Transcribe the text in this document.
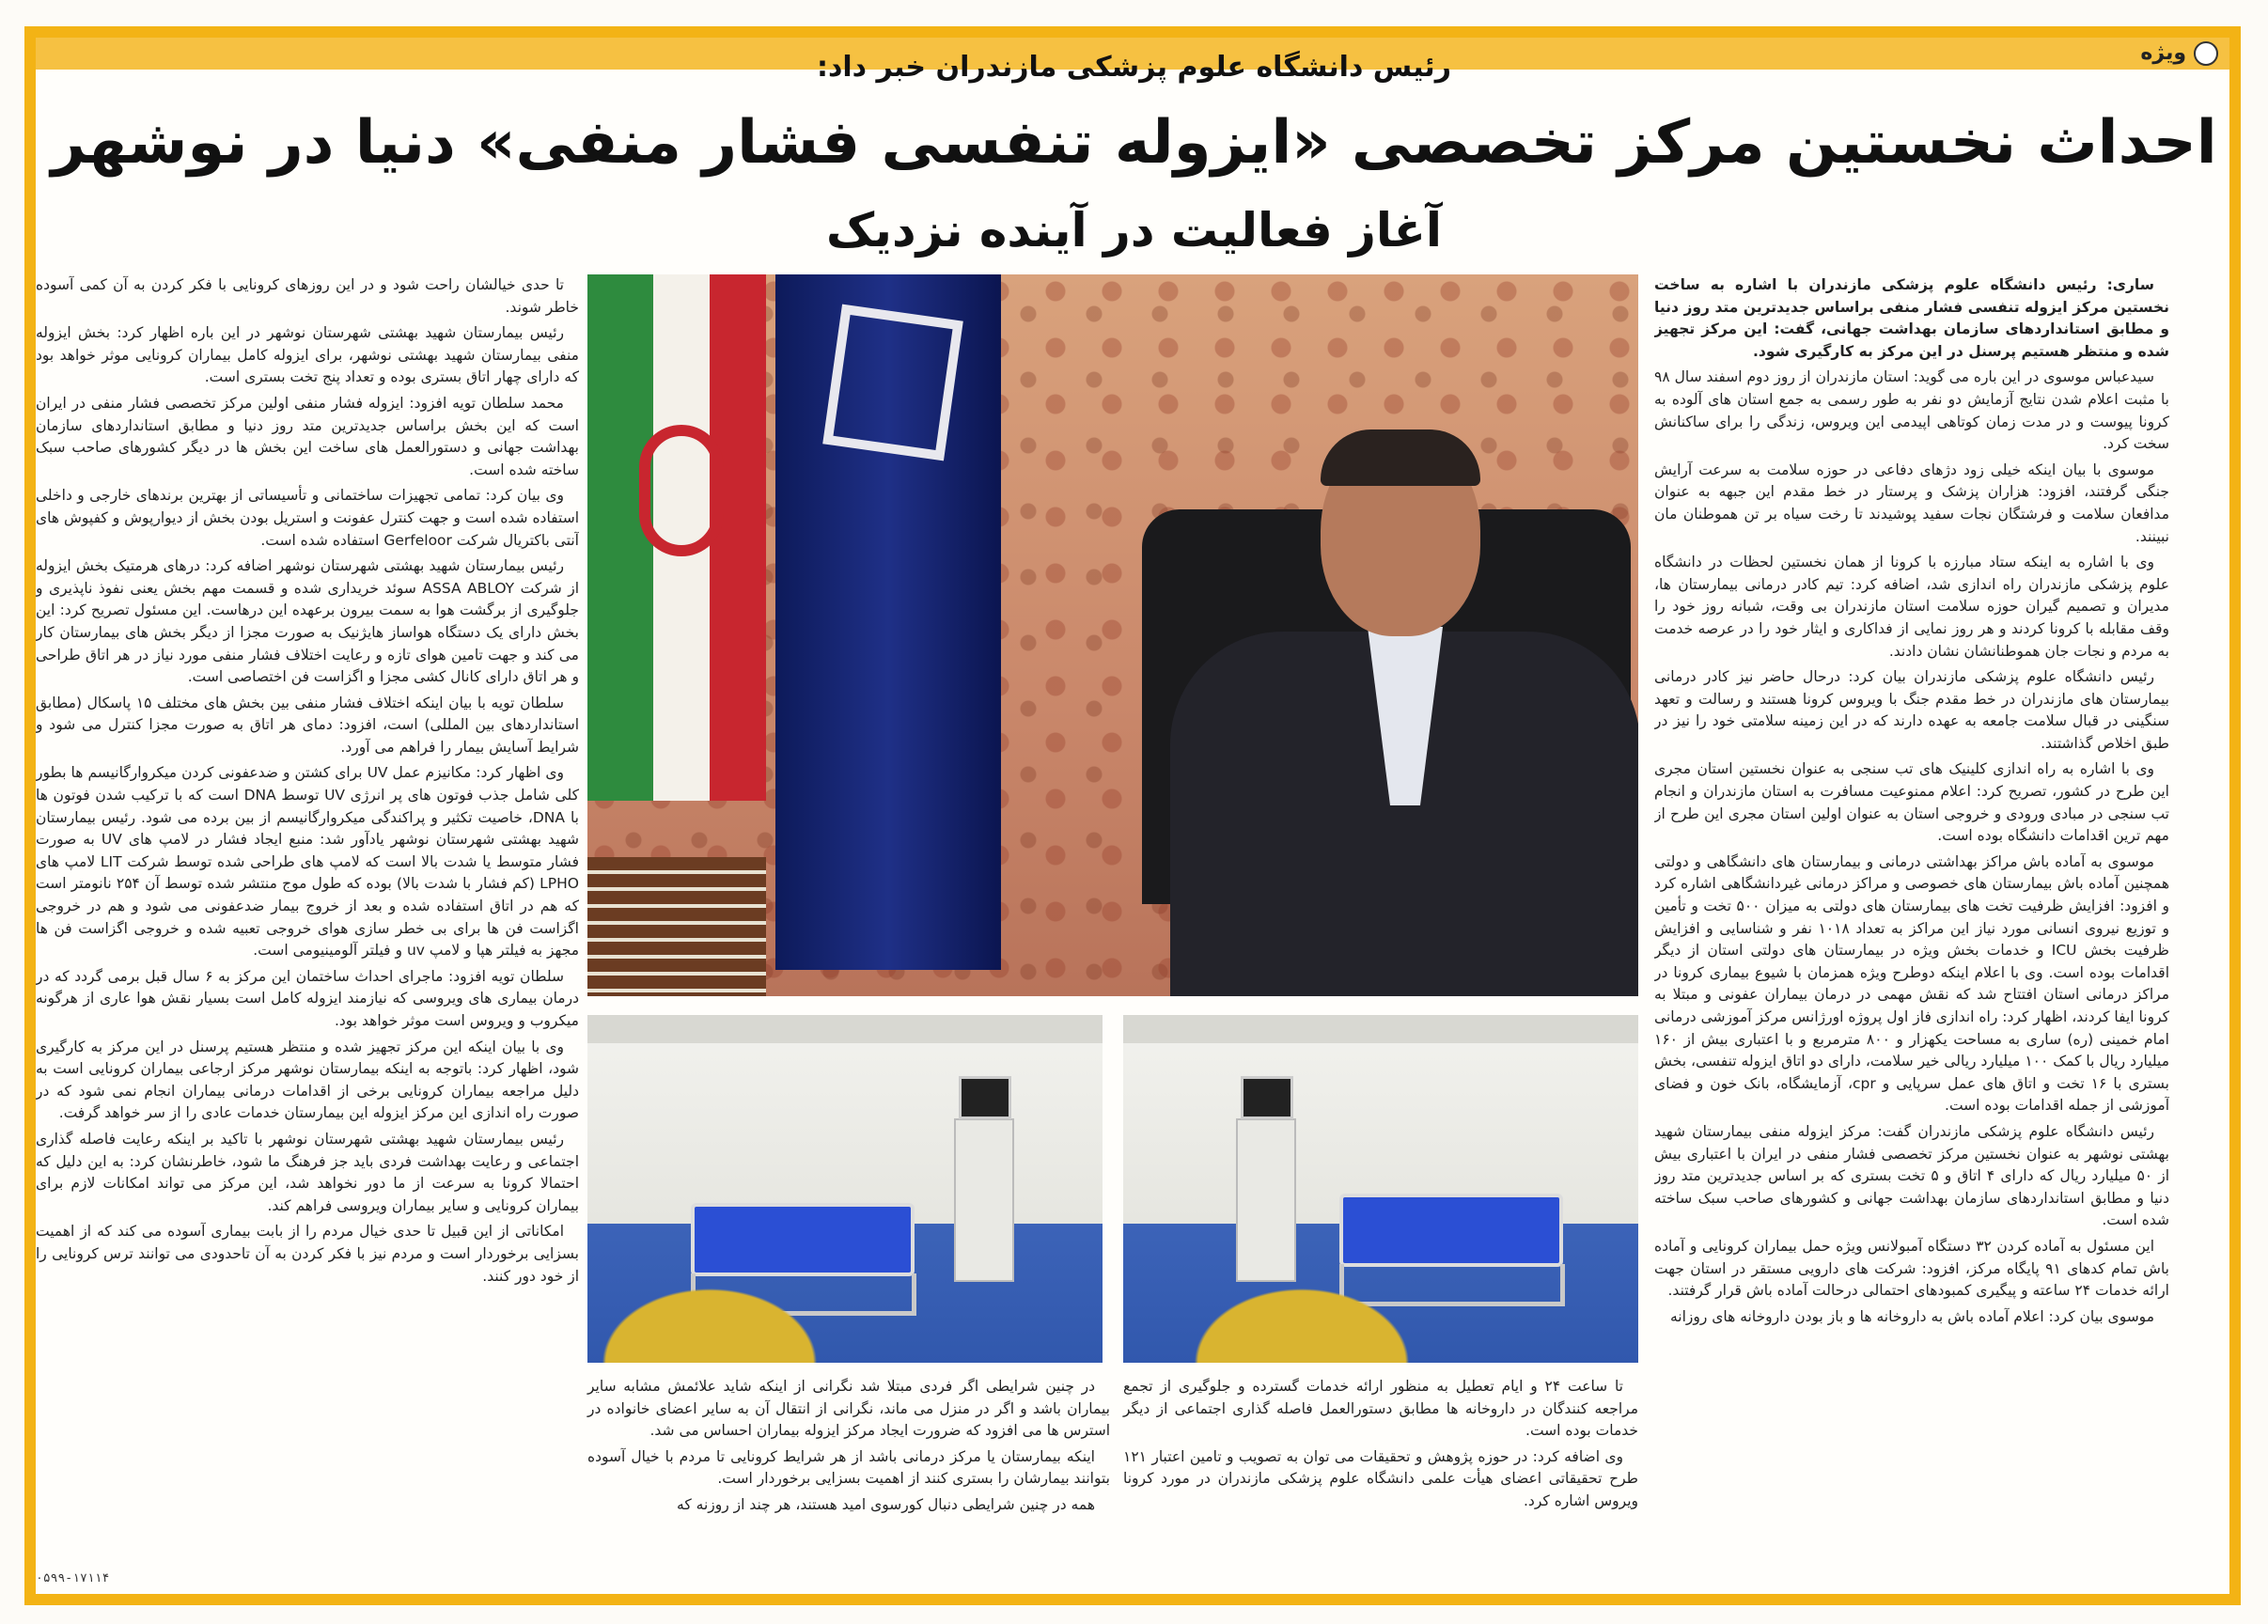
ویژه
رئیس دانشگاه علوم پزشکی مازندران خبر داد:
احداث نخستین مرکز تخصصی «ایزوله تنفسی فشار منفی» دنیا در نوشهر
آغاز فعالیت در آینده نزدیک

ساری: رئیس دانشگاه علوم پزشکی مازندران با اشاره به ساخت نخستین مرکز ایزوله تنفسی فشار منفی براساس جدیدترین متد روز دنیا و مطابق استانداردهای سازمان بهداشت جهانی، گفت: این مرکز تجهیز شده و منتظر هستیم پرسنل در این مرکز به کارگیری شود.

سیدعباس موسوی در این باره می گوید: استان مازندران از روز دوم اسفند سال ۹۸ با مثبت اعلام شدن نتایج آزمایش دو نفر به طور رسمی به جمع استان های آلوده به کرونا پیوست و در مدت زمان کوتاهی اپیدمی این ویروس، زندگی را برای ساکنانش سخت کرد.

موسوی با بیان اینکه خیلی زود دژهای دفاعی در حوزه سلامت به سرعت آرایش جنگی گرفتند، افزود: هزاران پزشک و پرستار در خط مقدم این جبهه به عنوان مدافعان سلامت و فرشتگان نجات سفید پوشیدند تا رخت سیاه بر تن هموطنان مان نبینند.

وی با اشاره به اینکه ستاد مبارزه با کرونا از همان نخستین لحظات در دانشگاه علوم پزشکی مازندران راه اندازی شد، اضافه کرد: تیم کادر درمانی بیمارستان ها، مدیران و تصمیم گیران حوزه سلامت استان مازندران بی وقت، شبانه روز خود را وقف مقابله با کرونا کردند و هر روز نمایی از فداکاری و ایثار خود را در عرصه خدمت به مردم و نجات جان هموطنانشان نشان دادند.

رئیس دانشگاه علوم پزشکی مازندران بیان کرد: درحال حاضر نیز کادر درمانی بیمارستان های مازندران در خط مقدم جنگ با ویروس کرونا هستند و رسالت و تعهد سنگینی در قبال سلامت جامعه به عهده دارند که در این زمینه سلامتی خود را نیز در طبق اخلاص گذاشتند.

وی با اشاره به راه اندازی کلینیک های تب سنجی به عنوان نخستین استان مجری این طرح در کشور، تصریح کرد: اعلام ممنوعیت مسافرت به استان مازندران و انجام تب سنجی در مبادی ورودی و خروجی استان به عنوان اولین استان مجری این طرح از مهم ترین اقدامات دانشگاه بوده است.

موسوی به آماده باش مراکز بهداشتی درمانی و بیمارستان های دانشگاهی و دولتی همچنین آماده باش بیمارستان های خصوصی و مراکز درمانی غیردانشگاهی اشاره کرد و افزود: افزایش ظرفیت تخت های بیمارستان های دولتی به میزان ۵۰۰ تخت و تأمین و توزیع نیروی انسانی مورد نیاز این مراکز به تعداد ۱۰۱۸ نفر و شناسایی و افزایش ظرفیت بخش ICU و خدمات بخش ویژه در بیمارستان های دولتی استان از دیگر اقدامات بوده است. وی با اعلام اینکه دوطرح ویژه همزمان با شیوع بیماری کرونا در مراکز درمانی استان افتتاح شد که نقش مهمی در درمان بیماران عفونی و مبتلا به کرونا ایفا کردند، اظهار کرد: راه اندازی فاز اول پروژه اورژانس مرکز آموزشی درمانی امام خمینی (ره) ساری به مساحت یکهزار و ۸۰۰ مترمربع و با اعتباری بیش از ۱۶۰ میلیارد ریال با کمک ۱۰۰ میلیارد ریالی خیر سلامت، دارای دو اتاق ایزوله تنفسی، بخش بستری با ۱۶ تخت و اتاق های عمل سرپایی و cpr، آزمایشگاه، بانک خون و فضای آموزشی از جمله اقدامات بوده است.

رئیس دانشگاه علوم پزشکی مازندران گفت: مرکز ایزوله منفی بیمارستان شهید بهشتی نوشهر به عنوان نخستین مرکز تخصصی فشار منفی در ایران با اعتباری بیش از ۵۰ میلیارد ریال که دارای ۴ اتاق و ۵ تخت بستری که بر اساس جدیدترین متد روز دنیا و مطابق استانداردهای سازمان بهداشت جهانی و کشورهای صاحب سبک ساخته شده است.

این مسئول به آماده کردن ۳۲ دستگاه آمبولانس ویژه حمل بیماران کرونایی و آماده باش تمام کدهای ۹۱ پایگاه مرکز، افزود: شرکت های دارویی مستقر در استان جهت ارائه خدمات ۲۴ ساعته و پیگیری کمبودهای احتمالی درحالت آماده باش قرار گرفتند.

موسوی بیان کرد: اعلام آماده باش به داروخانه ها و باز بودن داروخانه های روزانه

تا ساعت ۲۴ و ایام تعطیل به منظور ارائه خدمات گسترده و جلوگیری از تجمع مراجعه کنندگان در داروخانه ها مطابق دستورالعمل فاصله گذاری اجتماعی از دیگر خدمات بوده است.

وی اضافه کرد: در حوزه پژوهش و تحقیقات می توان به تصویب و تامین اعتبار ۱۲۱ طرح تحقیقاتی اعضای هیأت علمی دانشگاه علوم پزشکی مازندران در مورد کرونا ویروس اشاره کرد.

در چنین شرایطی اگر فردی مبتلا شد نگرانی از اینکه شاید علائمش مشابه سایر بیماران باشد و اگر در منزل می ماند، نگرانی از انتقال آن به سایر اعضای خانواده در استرس ها می افزود که ضرورت ایجاد مرکز ایزوله بیماران احساس می شد.

اینکه بیمارستان یا مرکز درمانی باشد از هر شرایط کرونایی تا مردم با خیال آسوده بتوانند بیمارشان را بستری کنند از اهمیت بسزایی برخوردار است.

همه در چنین شرایطی دنبال کورسوی امید هستند، هر چند از روزنه که

تا حدی خیالشان راحت شود و در این روزهای کرونایی با فکر کردن به آن کمی آسوده خاطر شوند.

رئیس بیمارستان شهید بهشتی شهرستان نوشهر در این باره اظهار کرد: بخش ایزوله منفی بیمارستان شهید بهشتی نوشهر، برای ایزوله کامل بیماران کرونایی موثر خواهد بود که دارای چهار اتاق بستری بوده و تعداد پنج تخت بستری است.

محمد سلطان تویه افزود: ایزوله فشار منفی اولین مرکز تخصصی فشار منفی در ایران است که این بخش براساس جدیدترین متد روز دنیا و مطابق استانداردهای سازمان بهداشت جهانی و دستورالعمل های ساخت این بخش ها در دیگر کشورهای صاحب سبک ساخته شده است.

وی بیان کرد: تمامی تجهیزات ساختمانی و تأسیساتی از بهترین برندهای خارجی و داخلی استفاده شده است و جهت کنترل عفونت و استریل بودن بخش از دیوارپوش و کفپوش های آنتی باکتریال شرکت Gerfeloor استفاده شده است.

رئیس بیمارستان شهید بهشتی شهرستان نوشهر اضافه کرد: درهای هرمتیک بخش ایزوله از شرکت ASSA ABLOY سوئد خریداری شده و قسمت مهم بخش یعنی نفوذ ناپذیری و جلوگیری از برگشت هوا به سمت بیرون برعهده این درهاست. این مسئول تصریح کرد: این بخش دارای یک دستگاه هواساز هایژنیک به صورت مجزا از دیگر بخش های بیمارستان کار می کند و جهت تامین هوای تازه و رعایت اختلاف فشار منفی مورد نیاز در هر اتاق طراحی و هر اتاق دارای کانال کشی مجزا و اگزاست فن اختصاصی است.

سلطان تویه با بیان اینکه اختلاف فشار منفی بین بخش های مختلف ۱۵ پاسکال (مطابق استانداردهای بین المللی) است، افزود: دمای هر اتاق به صورت مجزا کنترل می شود و شرایط آسایش بیمار را فراهم می آورد.

وی اظهار کرد: مکانیزم عمل UV برای کشتن و ضدعفونی کردن میکروارگانیسم ها بطور کلی شامل جذب فوتون های پر انرژی UV توسط DNA است که با ترکیب شدن فوتون ها با DNA، خاصیت تکثیر و پراکندگی میکروارگانیسم از بین برده می شود. رئیس بیمارستان شهید بهشتی شهرستان نوشهر یادآور شد: منبع ایجاد فشار در لامپ های UV به صورت فشار متوسط یا شدت بالا است که لامپ های طراحی شده توسط شرکت LIT لامپ های LPHO (کم فشار با شدت بالا) بوده که طول موج منتشر شده توسط آن ۲۵۴ نانومتر است که هم در اتاق استفاده شده و بعد از خروج بیمار ضدعفونی می شود و هم در خروجی اگزاست فن ها برای بی خطر سازی هوای خروجی تعبیه شده و خروجی اگزاست فن ها مجهز به فیلتر هپا و لامپ uv و فیلتر آلومینیومی است.

سلطان تویه افزود: ماجرای احداث ساختمان این مرکز به ۶ سال قبل برمی گردد که در درمان بیماری های ویروسی که نیازمند ایزوله کامل است بسیار نقش هوا عاری از هرگونه میکروب و ویروس است موثر خواهد بود.

وی با بیان اینکه این مرکز تجهیز شده و منتظر هستیم پرسنل در این مرکز به کارگیری شود، اظهار کرد: باتوجه به اینکه بیمارستان نوشهر مرکز ارجاعی بیماران کرونایی است به دلیل مراجعه بیماران کرونایی برخی از اقدامات درمانی بیماران انجام نمی شود که در صورت راه اندازی این مرکز ایزوله این بیمارستان خدمات عادی را از سر خواهد گرفت.

رئیس بیمارستان شهید بهشتی شهرستان نوشهر با تاکید بر اینکه رعایت فاصله گذاری اجتماعی و رعایت بهداشت فردی باید جز فرهنگ ما شود، خاطرنشان کرد: به این دلیل که احتمالا کرونا به سرعت از ما دور نخواهد شد، این مرکز می تواند امکانات لازم برای بیماران کرونایی و سایر بیماران ویروسی فراهم کند.

امکاناتی از این قبیل تا حدی خیال مردم را از بابت بیماری آسوده می کند که از اهمیت بسزایی برخوردار است و مردم نیز با فکر کردن به آن تاحدودی می توانند ترس کرونایی را از خود دور کنند.

۰۵۹۹-۱۷۱۱۴
